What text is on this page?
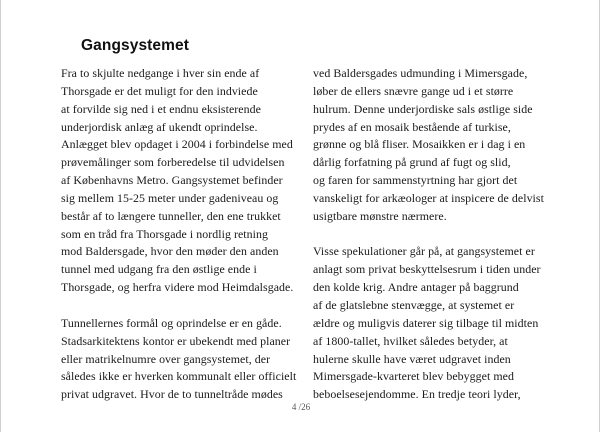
Gangsystemet
Fra to skjulte nedgange i hver sin ende af
Thorsgade er det muligt for den indviede
at forvilde sig ned i et endnu eksisterende
underjordisk anlæg af ukendt oprindelse.
Anlægget blev opdaget i 2004 i forbindelse med
prøvemålinger som forberedelse til udvidelsen
af Københavns Metro. Gangsystemet befinder
sig mellem 15-25 meter under gadeniveau og
består af to længere tunneller, den ene trukket
som en tråd fra Thorsgade i nordlig retning
mod Baldersgade, hvor den møder den anden
tunnel med udgang fra den østlige ende i
Thorsgade, og herfra videre mod Heimdalsgade.
Tunnellernes formål og oprindelse er en gåde.
Stadsarkitektens kontor er ubekendt med planer
eller matrikelnumre over gangsystemet, der
således ikke er hverken kommunalt eller officielt
privat udgravet. Hvor de to tunneltråde mødes
ved Baldersgades udmunding i Mimersgade,
løber de ellers snævre gange ud i et større
hulrum. Denne underjordiske sals østlige side
prydes af en mosaik bestående af turkise,
grønne og blå fliser. Mosaikken er i dag i en
dårlig forfatning på grund af fugt og slid,
og faren for sammenstyrtning har gjort det
vanskeligt for arkæologer at inspicere de delvist
usigtbare mønstre nærmere.
Visse spekulationer går på, at gangsystemet er
anlagt som privat beskyttelsesrum i tiden under
den kolde krig. Andre antager på baggrund
af de glatslebne stenvægge, at systemet er
ældre og muligvis daterer sig tilbage til midten
af 1800-tallet, hvilket således betyder, at
hulerne skulle have været udgravet inden
Mimersgade-kvarteret blev bebygget med
beboelsesejendomme. En tredje teori lyder,
4 /26
